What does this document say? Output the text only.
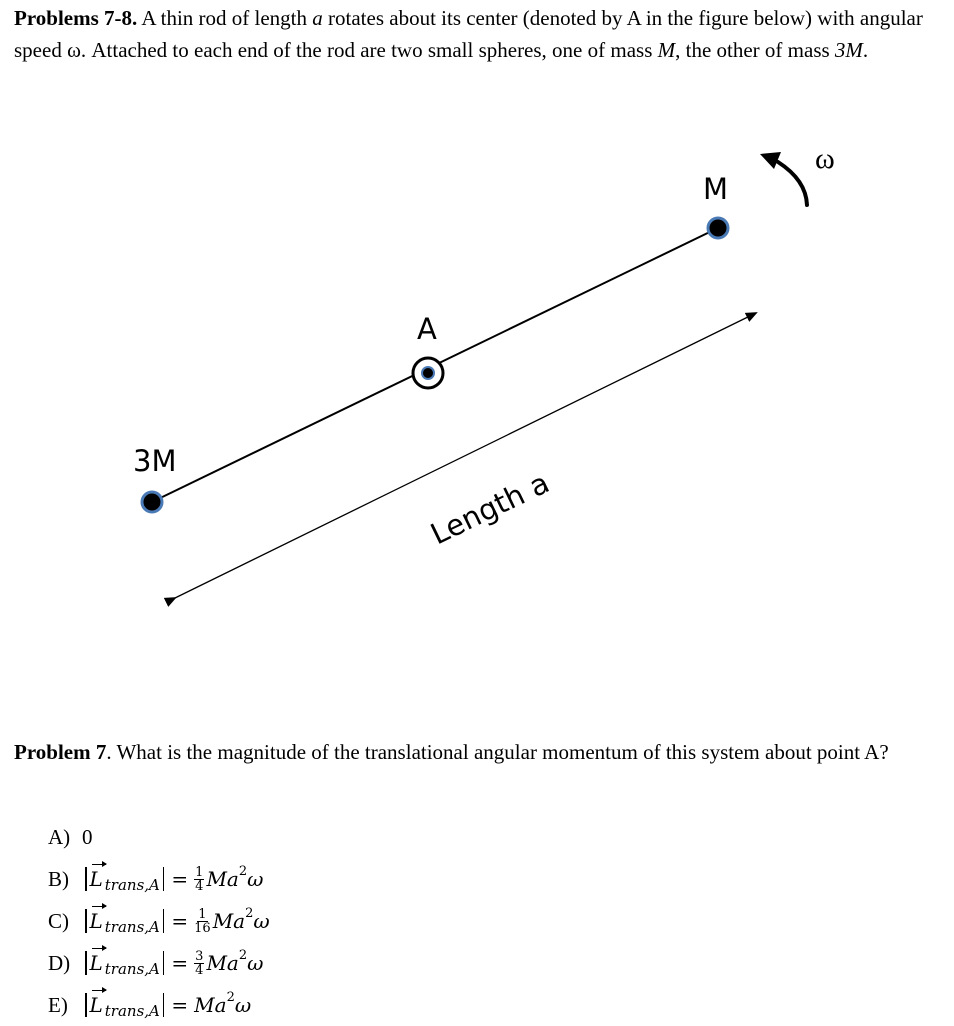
Problems 7-8. A thin rod of length a rotates about its center (denoted by A in the figure below) with angular speed ω. Attached to each end of the rod are two small spheres, one of mass M, the other of mass 3M.

M
3M
A
ω
Length a

Problem 7. What is the magnitude of the translational angular momentum of this system about point A?

A) 0
B)	L trans,A = $\frac{1}{4}$ Ma 2 ω
C)	L trans,A = $\frac{1}{16}$ Ma 2 ω
D) L trans,A = $\frac{3}{4}$ Ma 2 ω
E)	L trans,A = Ma 2 ω
